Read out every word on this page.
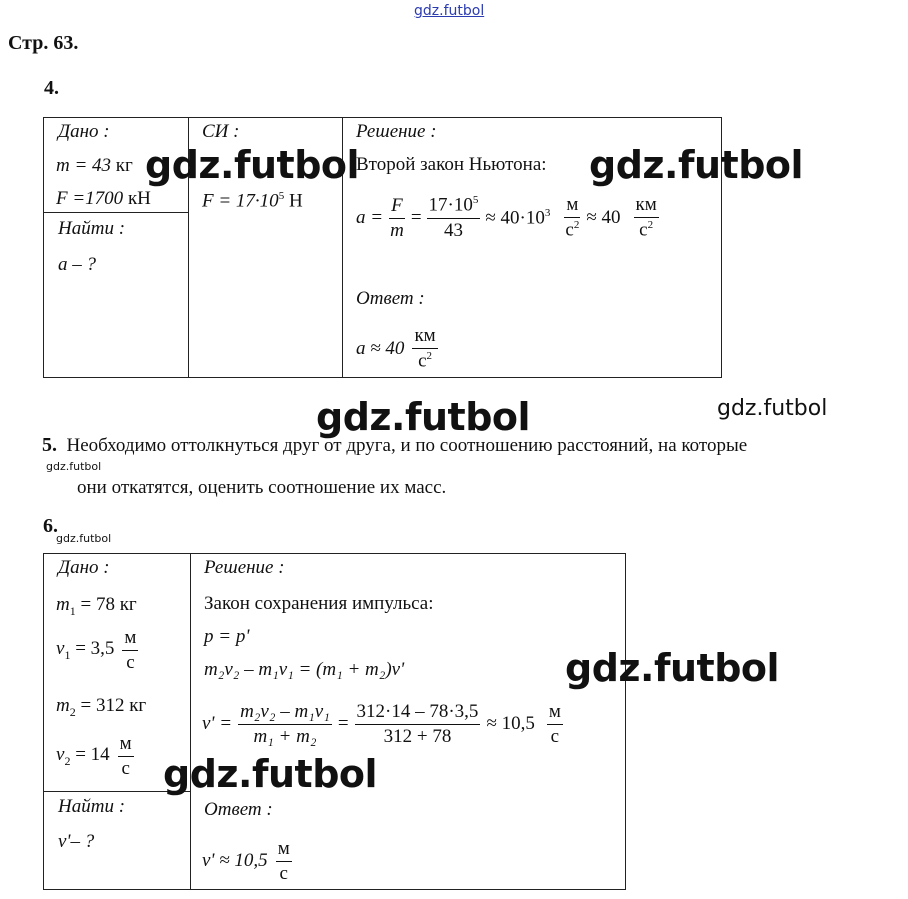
gdz.futbol
Стр. 63.
4.
Дано :
m = 43 кг
F =1700 кН
Найти :
a – ?
СИ :
$F = 17\cdot 10^5$ Н
Решение :
Второй закон Ньютона:
$a = \frac{F}{m} = \frac{17\cdot 10^5}{43} \approx 40\cdot 10^3 \frac{м}{с^2} \approx 40 \frac{км}{с^2}$
Ответ :
$a \approx 40 \frac{км}{с^2}$
gdz.futbol	gdz.futbol
gdz.futbol	gdz.futbol
5. Необходимо оттолкнуться друг от друга, и по соотношению расстояний, на которые
gdz.futbol
они откатятся, оценить соотношение их масс.
6.
gdz.futbol
Дано :
$m_1 = 78$ кг
$v_1 = 3,5 \frac{м}{с}$
$m_2 = 312$ кг
$v_2 = 14 \frac{м}{с}$
Найти :
v'– ?
Решение :
Закон сохранения импульса:
p = p'
m₂v₂ – m₁v₁ = (m₁ + m₂)v'
$v' = \frac{\text{m₂v₂ – m₁v₁}}{\text{m₁ + m₂}} = \frac{312\cdot 14 - 78\cdot 3,5}{312 + 78} \approx 10,5 \frac{м}{с}$
Ответ :
$v' \approx 10,5 \frac{м}{с}$
gdz.futbol
gdz.futbol
